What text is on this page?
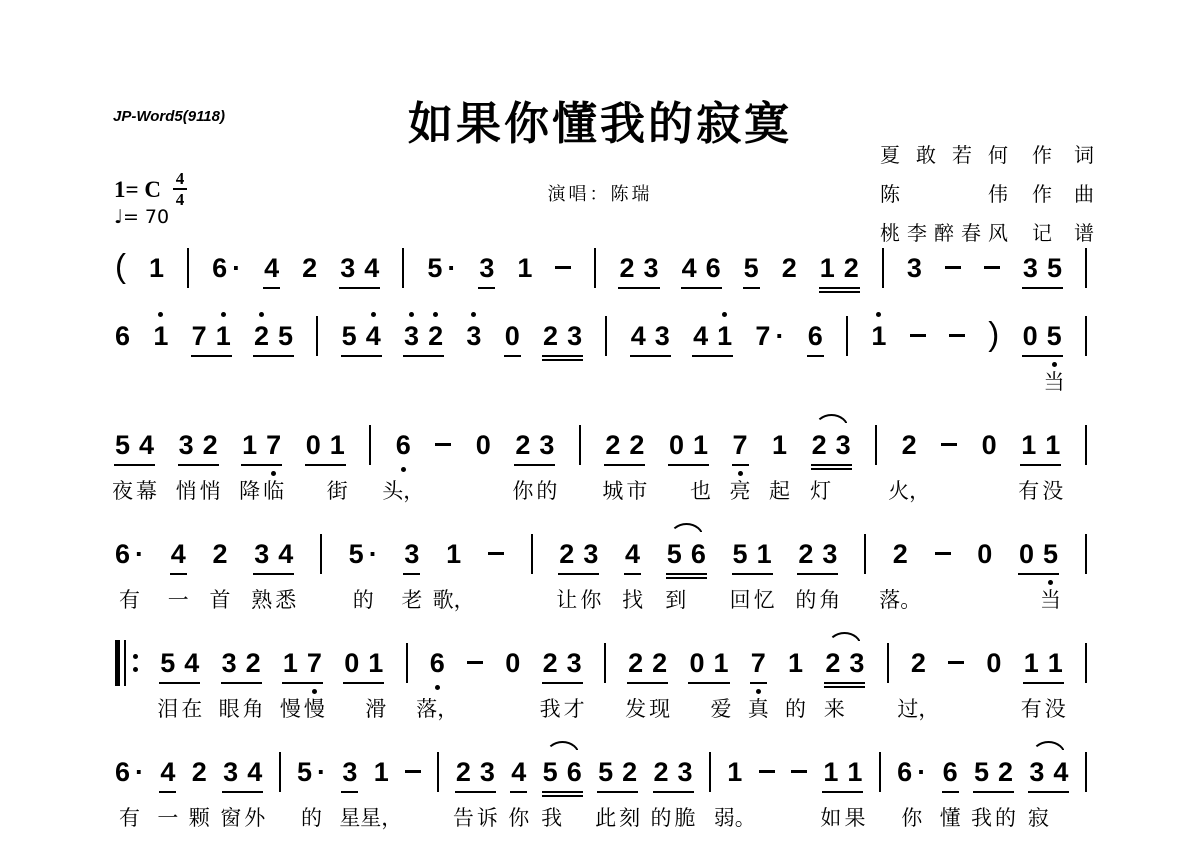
JP-Word5(9118)	如果你懂我的寂寞
演唱：陈瑞
夏 敢 若 何 作 词
陈	伟 作 曲
桃 李 醉 春 风 记 谱
1= C $\frac{4}{4}$
♩= 70
( 1 6 · 4 2 3 4 5 · 3 1	2 3 4 6 5 2 1 2 3	3 5
6 1 7 1 2 5 5 4 3 2 3 0 2 3 4 3 4 1 7 · 6 1	) 0 5
当
5
夜
4
幕
3
悄
2
悄
1
降
7
临
0 1
街
6
头，
0 2
你
3
的
2
城
2
市
0 1
也
7
亮
1
起
2 3
灯
2
火，
0 1
有
1
没
6 ·
有
4
一
2
首
3
熟
4
悉
5 ·
的
3
老
1
歌，
2
让
3
你
4
找
5 6
到
5
回
1
忆
2
的
3
角
2
落。
0 0 5
当
5
泪
4
在
3
眼
2
角
1
慢
7
慢
0 1
滑
6
落，
0 2
我
3
才
2
发
2
现
0 1
爱
7
真
1
的
2 3
来
2
过，
0 1
有
1
没
6 ·
有
4
一
2
颗
3
窗
4
外
5 ·
的
3
星
1
星，
2
告
3
诉
4
你
5 6
我
5
此
2
刻
2
的
3
脆
1
弱。
1
如
1
果
6 ·
你
6
懂
5
我
2
的
3 4
寂
